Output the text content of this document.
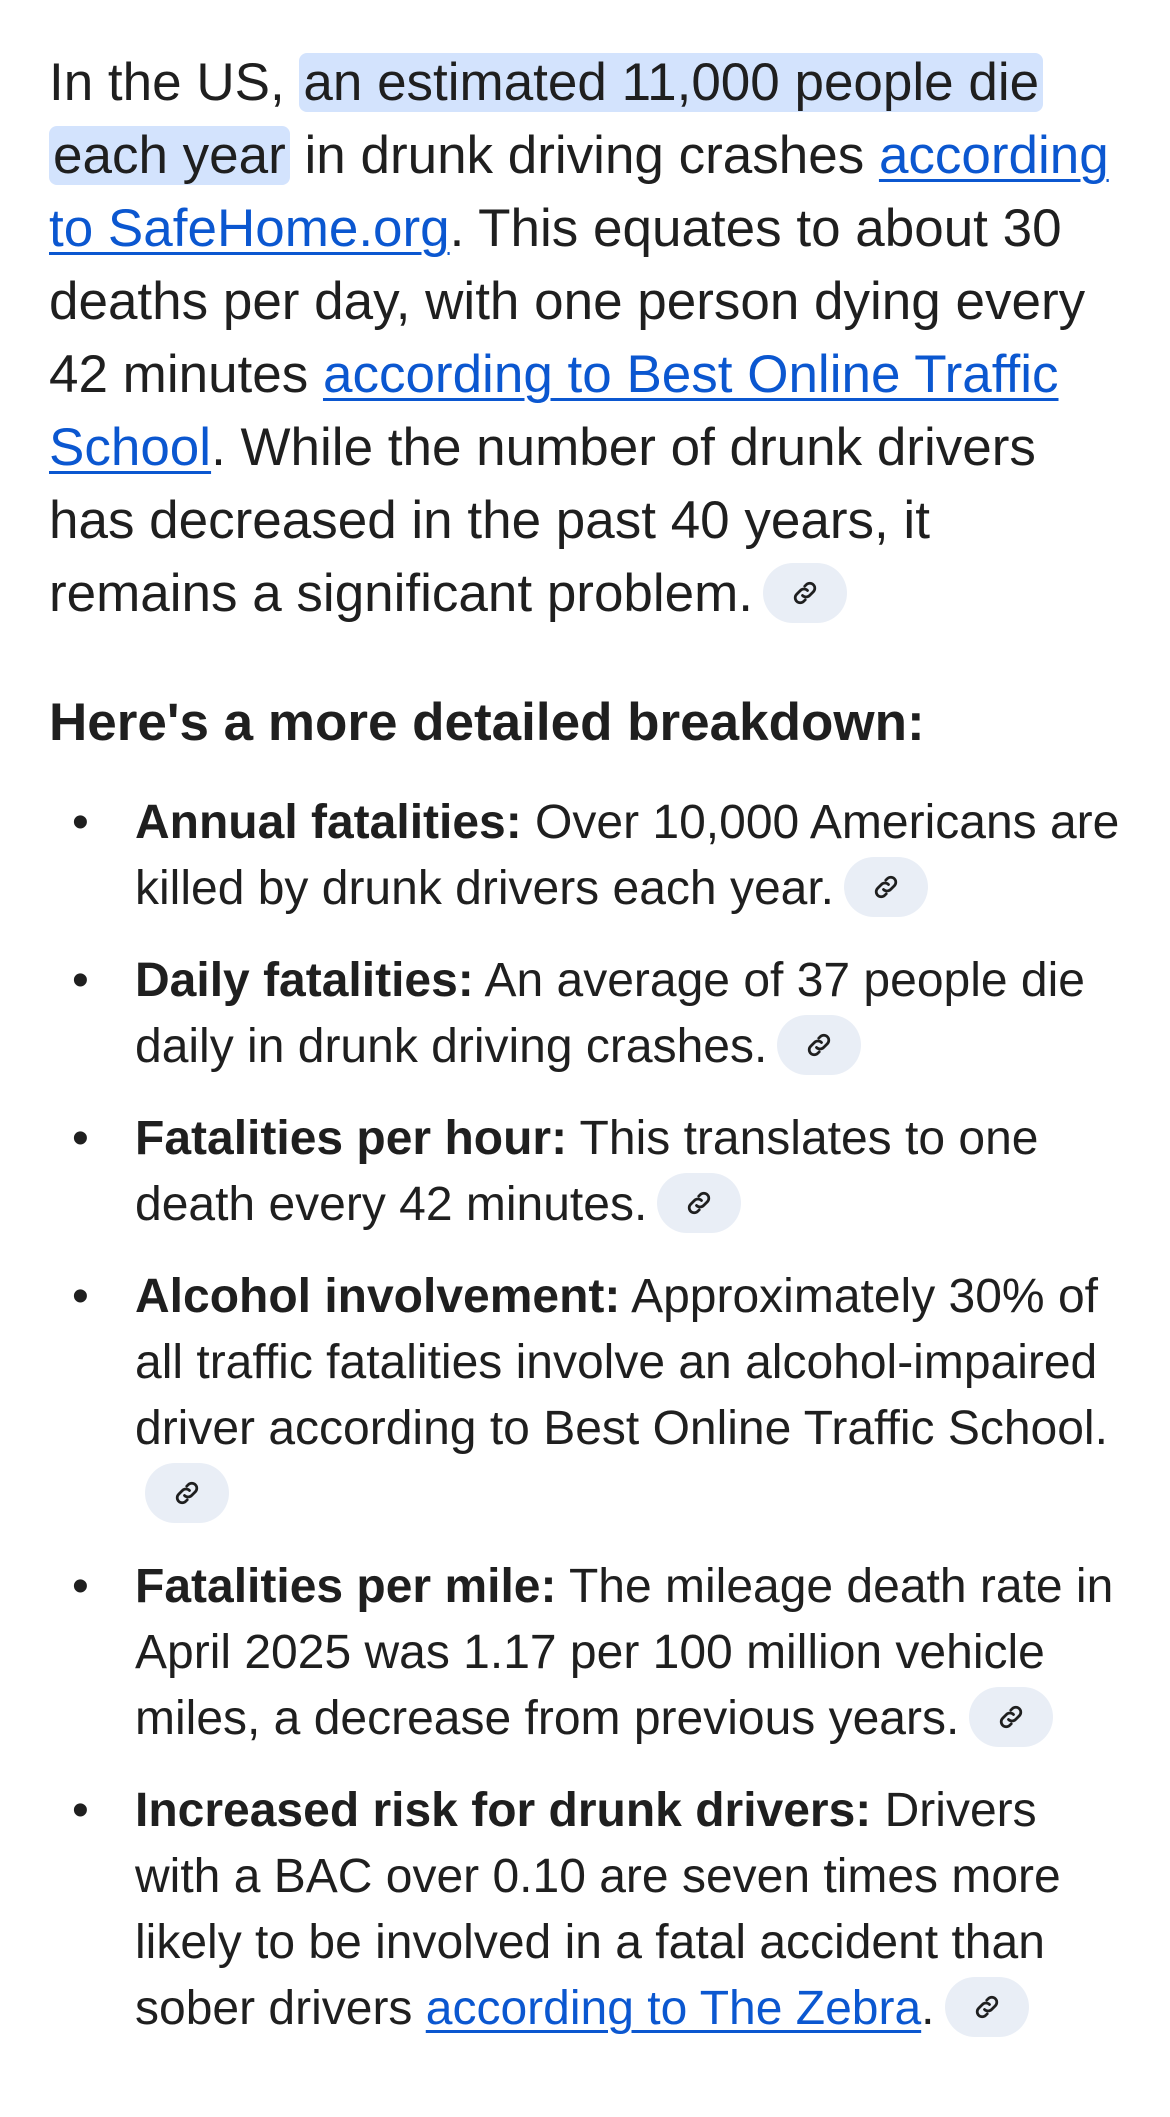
In the US, an estimated 11,000 people die each year in drunk driving crashes according to SafeHome.org. This equates to about 30 deaths per day, with one person dying every 42 minutes according to Best Online Traffic School. While the number of drunk drivers has decreased in the past 40 years, it remains a significant problem.

Here's a more detailed breakdown:
• Annual fatalities: Over 10,000 Americans are killed by drunk drivers each year.
• Daily fatalities: An average of 37 people die daily in drunk driving crashes.
• Fatalities per hour: This translates to one death every 42 minutes.
• Alcohol involvement: Approximately 30% of all traffic fatalities involve an alcohol-impaired driver according to Best Online Traffic School.
• Fatalities per mile: The mileage death rate in April 2025 was 1.17 per 100 million vehicle miles, a decrease from previous years.
• Increased risk for drunk drivers: Drivers with a BAC over 0.10 are seven times more likely to be involved in a fatal accident than sober drivers according to The Zebra.
